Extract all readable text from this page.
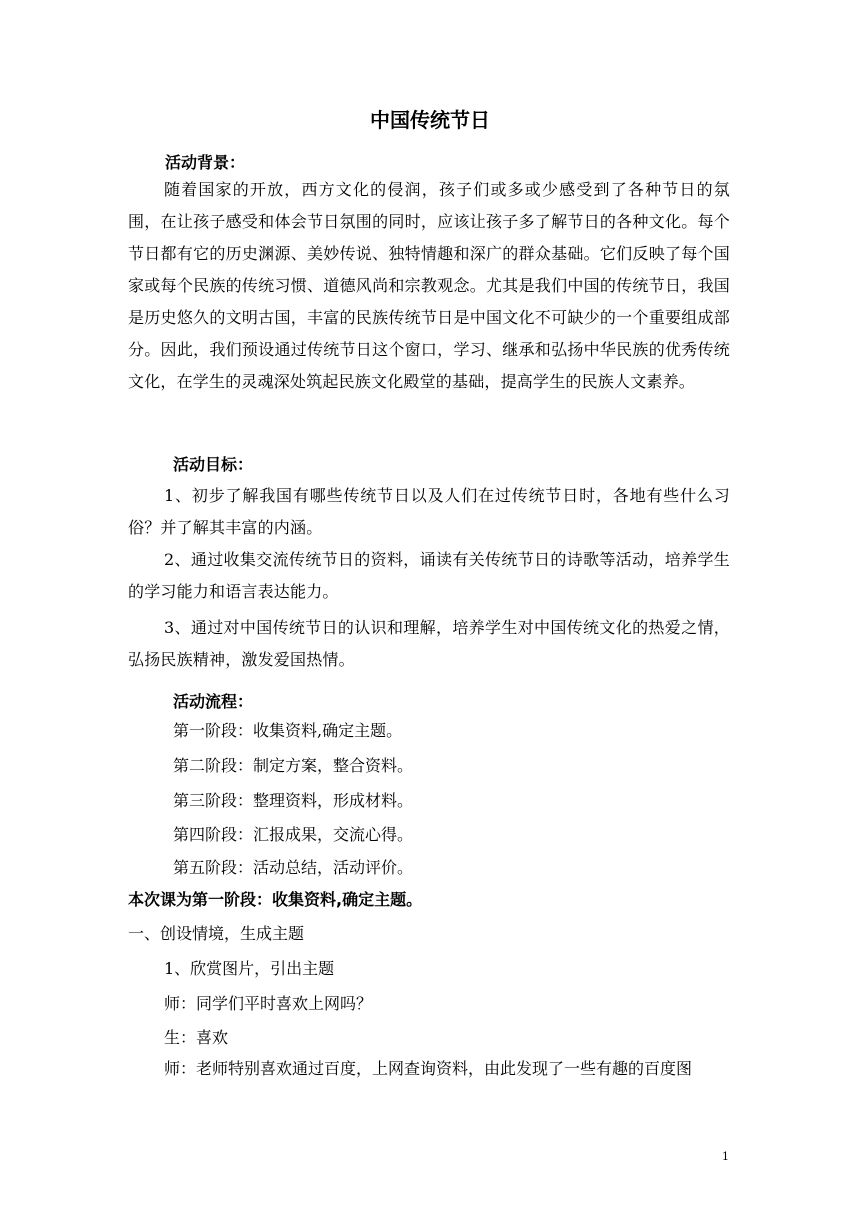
中国传统节日
活动背景：
随着国家的开放，西方文化的侵润，孩子们或多或少感受到了各种节日的氛围，在让孩子感受和体会节日氛围的同时，应该让孩子多了解节日的各种文化。每个节日都有它的历史渊源、美妙传说、独特情趣和深广的群众基础。它们反映了每个国家或每个民族的传统习惯、道德风尚和宗教观念。尤其是我们中国的传统节日，我国是历史悠久的文明古国，丰富的民族传统节日是中国文化不可缺少的一个重要组成部分。因此，我们预设通过传统节日这个窗口，学习、继承和弘扬中华民族的优秀传统文化，在学生的灵魂深处筑起民族文化殿堂的基础，提高学生的民族人文素养。
活动目标：
1、初步了解我国有哪些传统节日以及人们在过传统节日时，各地有些什么习俗？并了解其丰富的内涵。
2、通过收集交流传统节日的资料，诵读有关传统节日的诗歌等活动，培养学生的学习能力和语言表达能力。
3、通过对中国传统节日的认识和理解，培养学生对中国传统文化的热爱之情，弘扬民族精神，激发爱国热情。
活动流程：
第一阶段：收集资料,确定主题。
第二阶段：制定方案，整合资料。
第三阶段：整理资料，形成材料。
第四阶段：汇报成果，交流心得。
第五阶段：活动总结，活动评价。
本次课为第一阶段：收集资料,确定主题。
一、创设情境，生成主题
1、欣赏图片，引出主题
师：同学们平时喜欢上网吗？
生：喜欢
师：老师特别喜欢通过百度，上网查询资料，由此发现了一些有趣的百度图
1
